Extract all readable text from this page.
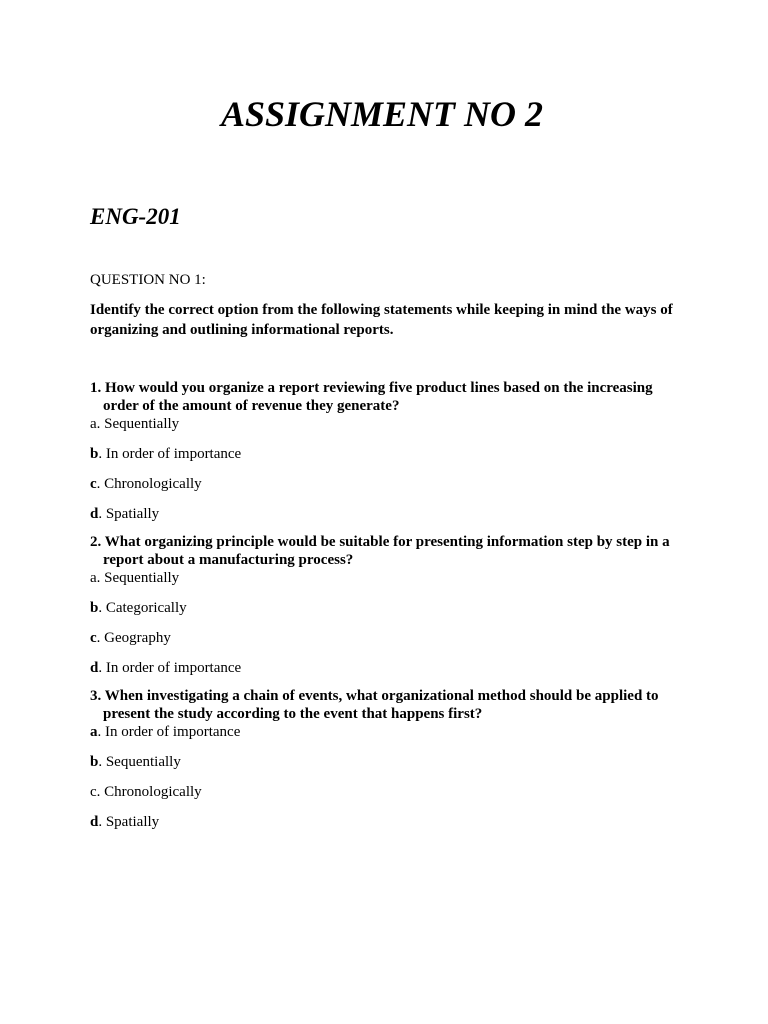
ASSIGNMENT NO 2
ENG-201
QUESTION NO 1:
Identify the correct option from the following statements while keeping in mind the ways of organizing and outlining informational reports.
1. How would you organize a report reviewing five product lines based on the increasing order of the amount of revenue they generate?
a. Sequentially
b. In order of importance
c. Chronologically
d. Spatially
2. What organizing principle would be suitable for presenting information step by step in a report about a manufacturing process?
a. Sequentially
b. Categorically
c. Geography
d. In order of importance
3. When investigating a chain of events, what organizational method should be applied to present the study according to the event that happens first?
a. In order of importance
b. Sequentially
c. Chronologically
d. Spatially
